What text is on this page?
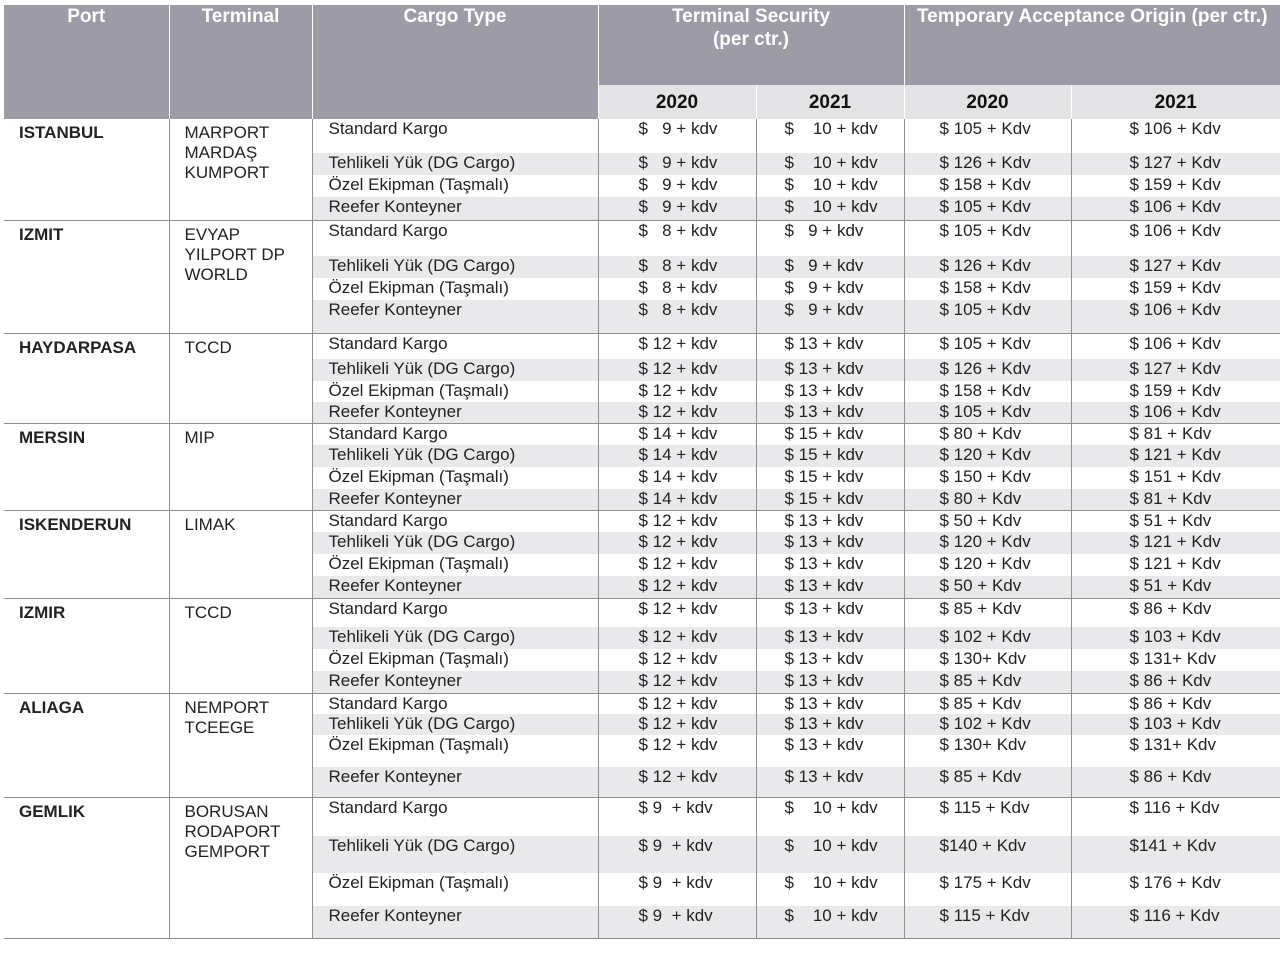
Port	Terminal	Cargo Type	Terminal Security (per ctr.)		Temporary Acceptance Origin (per ctr.)	
			2020	2021	2020	2021
ISTANBUL	MARPORT MARDAŞ KUMPORT	Standard Kargo	$   9 + kdv	$    10 + kdv	$ 105 + Kdv	$ 106 + Kdv
		Tehlikeli Yük (DG Cargo)	$   9 + kdv	$    10 + kdv	$ 126 + Kdv	$ 127 + Kdv
		Özel Ekipman (Taşmalı)	$   9 + kdv	$    10 + kdv	$ 158 + Kdv	$ 159 + Kdv
		Reefer Konteyner	$   9 + kdv	$    10 + kdv	$ 105 + Kdv	$ 106 + Kdv
IZMIT	EVYAP YILPORT DP WORLD	Standard Kargo	$   8 + kdv	$   9 + kdv	$ 105 + Kdv	$ 106 + Kdv
		Tehlikeli Yük (DG Cargo)	$   8 + kdv	$   9 + kdv	$ 126 + Kdv	$ 127 + Kdv
		Özel Ekipman (Taşmalı)	$   8 + kdv	$   9 + kdv	$ 158 + Kdv	$ 159 + Kdv
		Reefer Konteyner	$   8 + kdv	$   9 + kdv	$ 105 + Kdv	$ 106 + Kdv
HAYDARPASA	TCCD	Standard Kargo	$ 12 + kdv	$ 13 + kdv	$ 105 + Kdv	$ 106 + Kdv
		Tehlikeli Yük (DG Cargo)	$ 12 + kdv	$ 13 + kdv	$ 126 + Kdv	$ 127 + Kdv
		Özel Ekipman (Taşmalı)	$ 12 + kdv	$ 13 + kdv	$ 158 + Kdv	$ 159 + Kdv
		Reefer Konteyner	$ 12 + kdv	$ 13 + kdv	$ 105 + Kdv	$ 106 + Kdv
MERSIN	MIP	Standard Kargo	$ 14 + kdv	$ 15 + kdv	$ 80 + Kdv	$ 81 + Kdv
		Tehlikeli Yük (DG Cargo)	$ 14 + kdv	$ 15 + kdv	$ 120 + Kdv	$ 121 + Kdv
		Özel Ekipman (Taşmalı)	$ 14 + kdv	$ 15 + kdv	$ 150 + Kdv	$ 151 + Kdv
		Reefer Konteyner	$ 14 + kdv	$ 15 + kdv	$ 80 + Kdv	$ 81 + Kdv
ISKENDERUN	LIMAK	Standard Kargo	$ 12 + kdv	$ 13 + kdv	$ 50 + Kdv	$ 51 + Kdv
		Tehlikeli Yük (DG Cargo)	$ 12 + kdv	$ 13 + kdv	$ 120 + Kdv	$ 121 + Kdv
		Özel Ekipman (Taşmalı)	$ 12 + kdv	$ 13 + kdv	$ 120 + Kdv	$ 121 + Kdv
		Reefer Konteyner	$ 12 + kdv	$ 13 + kdv	$ 50 + Kdv	$ 51 + Kdv
IZMIR	TCCD	Standard Kargo	$ 12 + kdv	$ 13 + kdv	$ 85 + Kdv	$ 86 + Kdv
		Tehlikeli Yük (DG Cargo)	$ 12 + kdv	$ 13 + kdv	$ 102 + Kdv	$ 103 + Kdv
		Özel Ekipman (Taşmalı)	$ 12 + kdv	$ 13 + kdv	$ 130+ Kdv	$ 131+ Kdv
		Reefer Konteyner	$ 12 + kdv	$ 13 + kdv	$ 85 + Kdv	$ 86 + Kdv
ALIAGA	NEMPORT TCEEGE	Standard Kargo	$ 12 + kdv	$ 13 + kdv	$ 85 + Kdv	$ 86 + Kdv
		Tehlikeli Yük (DG Cargo)	$ 12 + kdv	$ 13 + kdv	$ 102 + Kdv	$ 103 + Kdv
		Özel Ekipman (Taşmalı)	$ 12 + kdv	$ 13 + kdv	$ 130+ Kdv	$ 131+ Kdv
		Reefer Konteyner	$ 12 + kdv	$ 13 + kdv	$ 85 + Kdv	$ 86 + Kdv
GEMLIK	BORUSAN RODAPORT GEMPORT	Standard Kargo	$ 9  + kdv	$    10 + kdv	$ 115 + Kdv	$ 116 + Kdv
		Tehlikeli Yük (DG Cargo)	$ 9  + kdv	$    10 + kdv	$140 + Kdv	$141 + Kdv
		Özel Ekipman (Taşmalı)	$ 9  + kdv	$    10 + kdv	$ 175 + Kdv	$ 176 + Kdv
		Reefer Konteyner	$ 9  + kdv	$    10 + kdv	$ 115 + Kdv	$ 116 + Kdv
